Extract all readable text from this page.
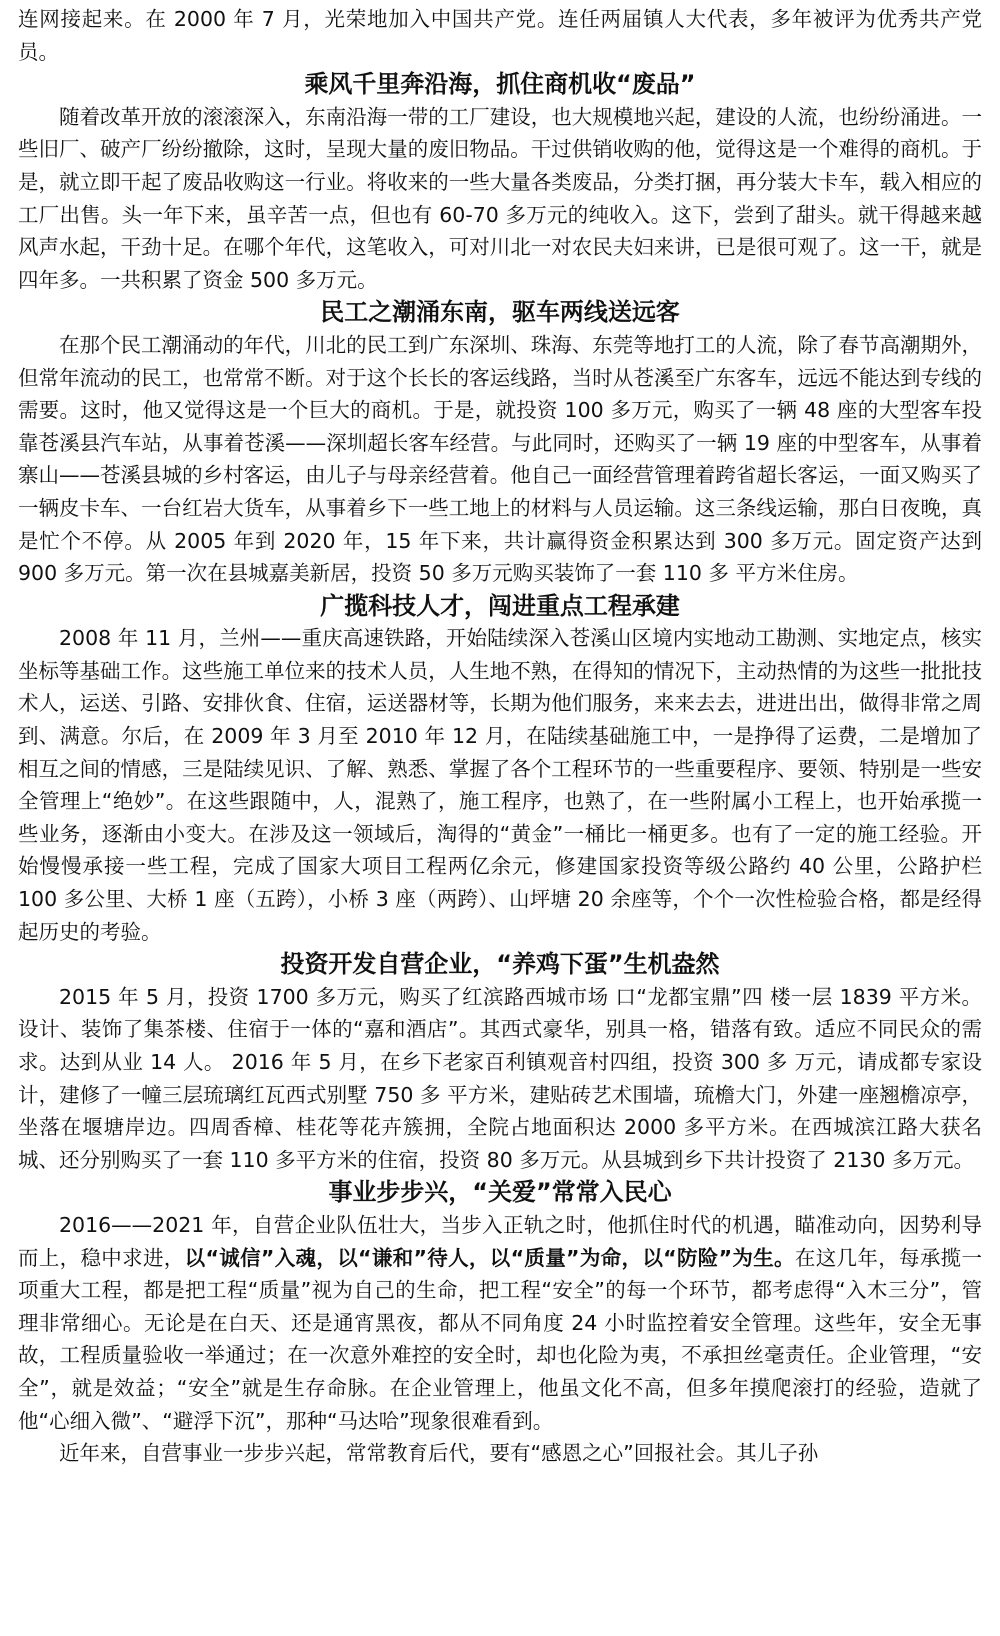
连网接起来。在 2000 年 7 月，光荣地加入中国共产党。连任两届镇人大代表，多年被评为优秀共产党员。

乘风千里奔沿海，抓住商机收“废品”

随着改革开放的滚滚深入，东南沿海一带的工厂建设，也大规模地兴起，建设的人流，也纷纷涌进。一些旧厂、破产厂纷纷撤除，这时，呈现大量的废旧物品。干过供销收购的他，觉得这是一个难得的商机。于是，就立即干起了废品收购这一行业。将收来的一些大量各类废品，分类打捆，再分装大卡车，载入相应的工厂出售。头一年下来，虽辛苦一点，但也有 60-70 多万元的纯收入。这下，尝到了甜头。就干得越来越风声水起，干劲十足。在哪个年代，这笔收入，可对川北一对农民夫妇来讲，已是很可观了。这一干，就是四年多。一共积累了资金 500 多万元。

民工之潮涌东南，驱车两线送远客

在那个民工潮涌动的年代，川北的民工到广东深圳、珠海、东莞等地打工的人流，除了春节高潮期外，但常年流动的民工，也常常不断。对于这个长长的客运线路，当时从苍溪至广东客车，远远不能达到专线的需要。这时，他又觉得这是一个巨大的商机。于是，就投资 100 多万元，购买了一辆 48 座的大型客车投靠苍溪县汽车站，从事着苍溪——深圳超长客车经营。与此同时，还购买了一辆 19 座的中型客车，从事着寨山——苍溪县城的乡村客运，由儿子与母亲经营着。他自己一面经营管理着跨省超长客运，一面又购买了一辆皮卡车、一台红岩大货车，从事着乡下一些工地上的材料与人员运输。这三条线运输，那白日夜晚，真是忙个不停。从 2005 年到 2020 年，15 年下来，共计赢得资金积累达到 300 多万元。固定资产达到 900 多万元。第一次在县城嘉美新居，投资 50 多万元购买装饰了一套 110 多 平方米住房。

广揽科技人才，闯进重点工程承建

2008 年 11 月，兰州——重庆高速铁路，开始陆续深入苍溪山区境内实地动工勘测、实地定点，核实坐标等基础工作。这些施工单位来的技术人员，人生地不熟，在得知的情况下，主动热情的为这些一批批技术人，运送、引路、安排伙食、住宿，运送器材等，长期为他们服务，来来去去，进进出出，做得非常之周到、满意。尔后，在 2009 年 3 月至 2010 年 12 月，在陆续基础施工中，一是挣得了运费，二是增加了相互之间的情感，三是陆续见识、了解、熟悉、掌握了各个工程环节的一些重要程序、要领、特别是一些安全管理上“绝妙”。在这些跟随中，人，混熟了，施工程序，也熟了，在一些附属小工程上，也开始承揽一些业务，逐渐由小变大。在涉及这一领域后，淘得的“黄金”一桶比一桶更多。也有了一定的施工经验。开始慢慢承接一些工程，完成了国家大项目工程两亿余元，修建国家投资等级公路约 40 公里，公路护栏 100 多公里、大桥 1 座（五跨），小桥 3 座（两跨）、山坪塘 20 余座等，个个一次性检验合格，都是经得起历史的考验。

投资开发自营企业，“养鸡下蛋”生机盎然

2015 年 5 月，投资 1700 多万元，购买了红滨路西城市场 口“龙都宝鼎”四 楼一层 1839 平方米。设计、装饰了集茶楼、住宿于一体的“嘉和酒店”。其西式豪华，别具一格，错落有致。适应不同民众的需求。达到从业 14 人。 2016 年 5 月，在乡下老家百利镇观音村四组，投资 300 多 万元，请成都专家设计，建修了一幢三层琉璃红瓦西式别墅 750 多 平方米，建贴砖艺术围墙，琉檐大门，外建一座翘檐凉亭，坐落在堰塘岸边。四周香樟、桂花等花卉簇拥，全院占地面积达 2000 多平方米。在西城滨江路大获名城、还分别购买了一套 110 多平方米的住宿，投资 80 多万元。从县城到乡下共计投资了 2130 多万元。

事业步步兴，“关爱”常常入民心

2016——2021 年，自营企业队伍壮大，当步入正轨之时，他抓住时代的机遇，瞄准动向，因势利导而上，稳中求进，以“诚信”入魂，以“谦和”待人，以“质量”为命，以“防险”为生。在这几年，每承揽一项重大工程，都是把工程“质量”视为自己的生命，把工程“安全”的每一个环节，都考虑得“入木三分”，管理非常细心。无论是在白天、还是通宵黑夜，都从不同角度 24 小时监控着安全管理。这些年，安全无事故，工程质量验收一举通过；在一次意外难控的安全时，却也化险为夷，不承担丝毫责任。企业管理，“安全”，就是效益；“安全”就是生存命脉。在企业管理上，他虽文化不高，但多年摸爬滚打的经验，造就了他“心细入微”、“避浮下沉”，那种“马达哈”现象很难看到。

近年来，自营事业一步步兴起，常常教育后代，要有“感恩之心”回报社会。其儿子孙
